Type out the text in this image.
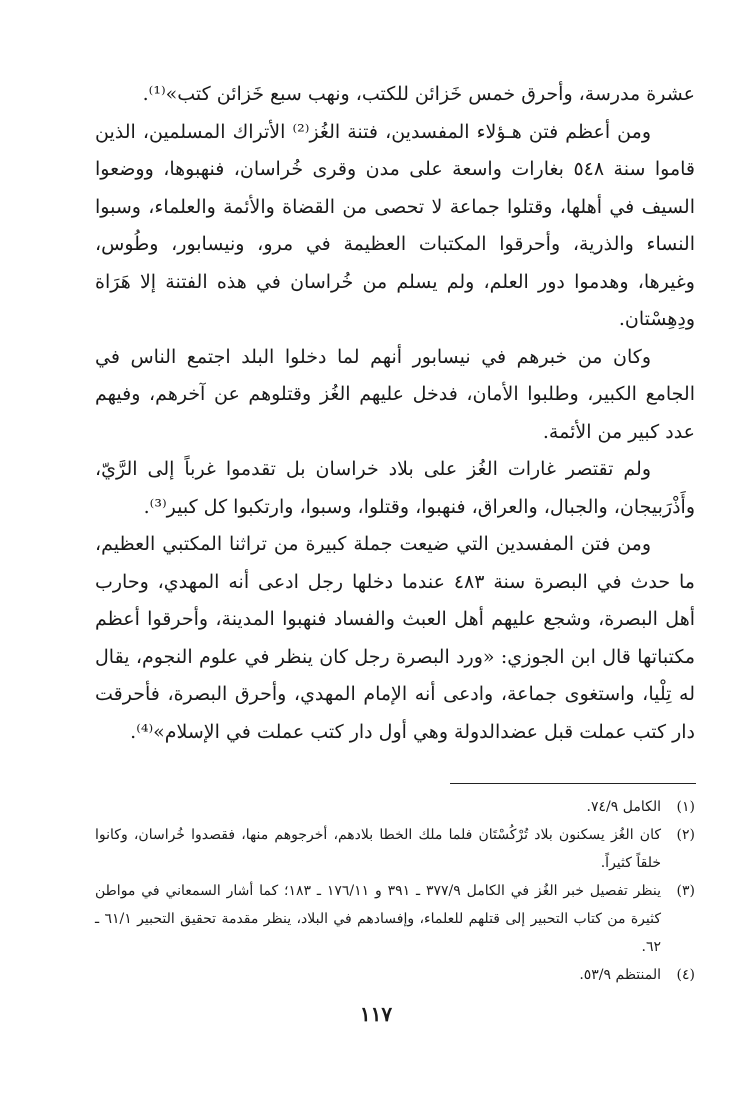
عشرة مدرسة، وأحرق خمس خَزائن للكتب، ونهب سبع خَزائن كتب»⁽¹⁾.

ومن أعظم فتن هـؤلاء المفسدين، فتنة الغُز⁽²⁾ الأتراك المسلمين، الذين قاموا سنة ٥٤٨ بغارات واسعة على مدن وقرى خُراسان، فنهبوها، ووضعوا السيف في أهلها، وقتلوا جماعة لا تحصى من القضاة والأئمة والعلماء، وسبوا النساء والذرية، وأحرقوا المكتبات العظيمة في مرو، ونيسابور، وطُوس، وغيرها، وهدموا دور العلم، ولم يسلم من خُراسان في هذه الفتنة إلا هَرَاة ودِهِسْتان.

وكان من خبرهم في نيسابور أنهم لما دخلوا البلد اجتمع الناس في الجامع الكبير، وطلبوا الأمان، فدخل عليهم الغُز وقتلوهم عن آخرهم، وفيهم عدد كبير من الأئمة.

ولم تقتصر غارات الغُز على بلاد خراسان بل تقدموا غرباً إلى الرَّيّ، وأَذْرَبيجان، والجبال، والعراق، فنهبوا، وقتلوا، وسبوا، وارتكبوا كل كبير⁽³⁾.

ومن فتن المفسدين التي ضيعت جملة كبيرة من تراثنا المكتبي العظيم، ما حدث في البصرة سنة ٤٨٣ عندما دخلها رجل ادعى أنه المهدي، وحارب أهل البصرة، وشجع عليهم أهل العبث والفساد فنهبوا المدينة، وأحرقوا أعظم مكتباتها قال ابن الجوزي: «ورد البصرة رجل كان ينظر في علوم النجوم، يقال له تِلْيا، واستغوى جماعة، وادعى أنه الإمام المهدي، وأحرق البصرة، فأحرقت دار كتب عملت قبل عضدالدولة وهي أول دار كتب عملت في الإسلام»⁽⁴⁾.

(١)
الكامل ٧٤/٩.
(٢)
كان الغُز يسكنون بلاد تُرْكُسْتَان فلما ملك الخطا بلادهم، أخرجوهم منها، فقصدوا خُراسان، وكانوا خلقاً كثيراً.
(٣)
ينظر تفصيل خبر الغُز في الكامل ٣٧٧/٩ ـ ٣٩١ و ١٧٦/١١ ـ ١٨٣؛ كما أشار السمعاني في مواطن كثيرة من كتاب التحبير إلى قتلهم للعلماء، وإفسادهم في البلاد، ينظر مقدمة تحقيق التحبير ٦١/١ ـ ٦٢.
(٤)
المنتظم ٥٣/٩.
١١٧
